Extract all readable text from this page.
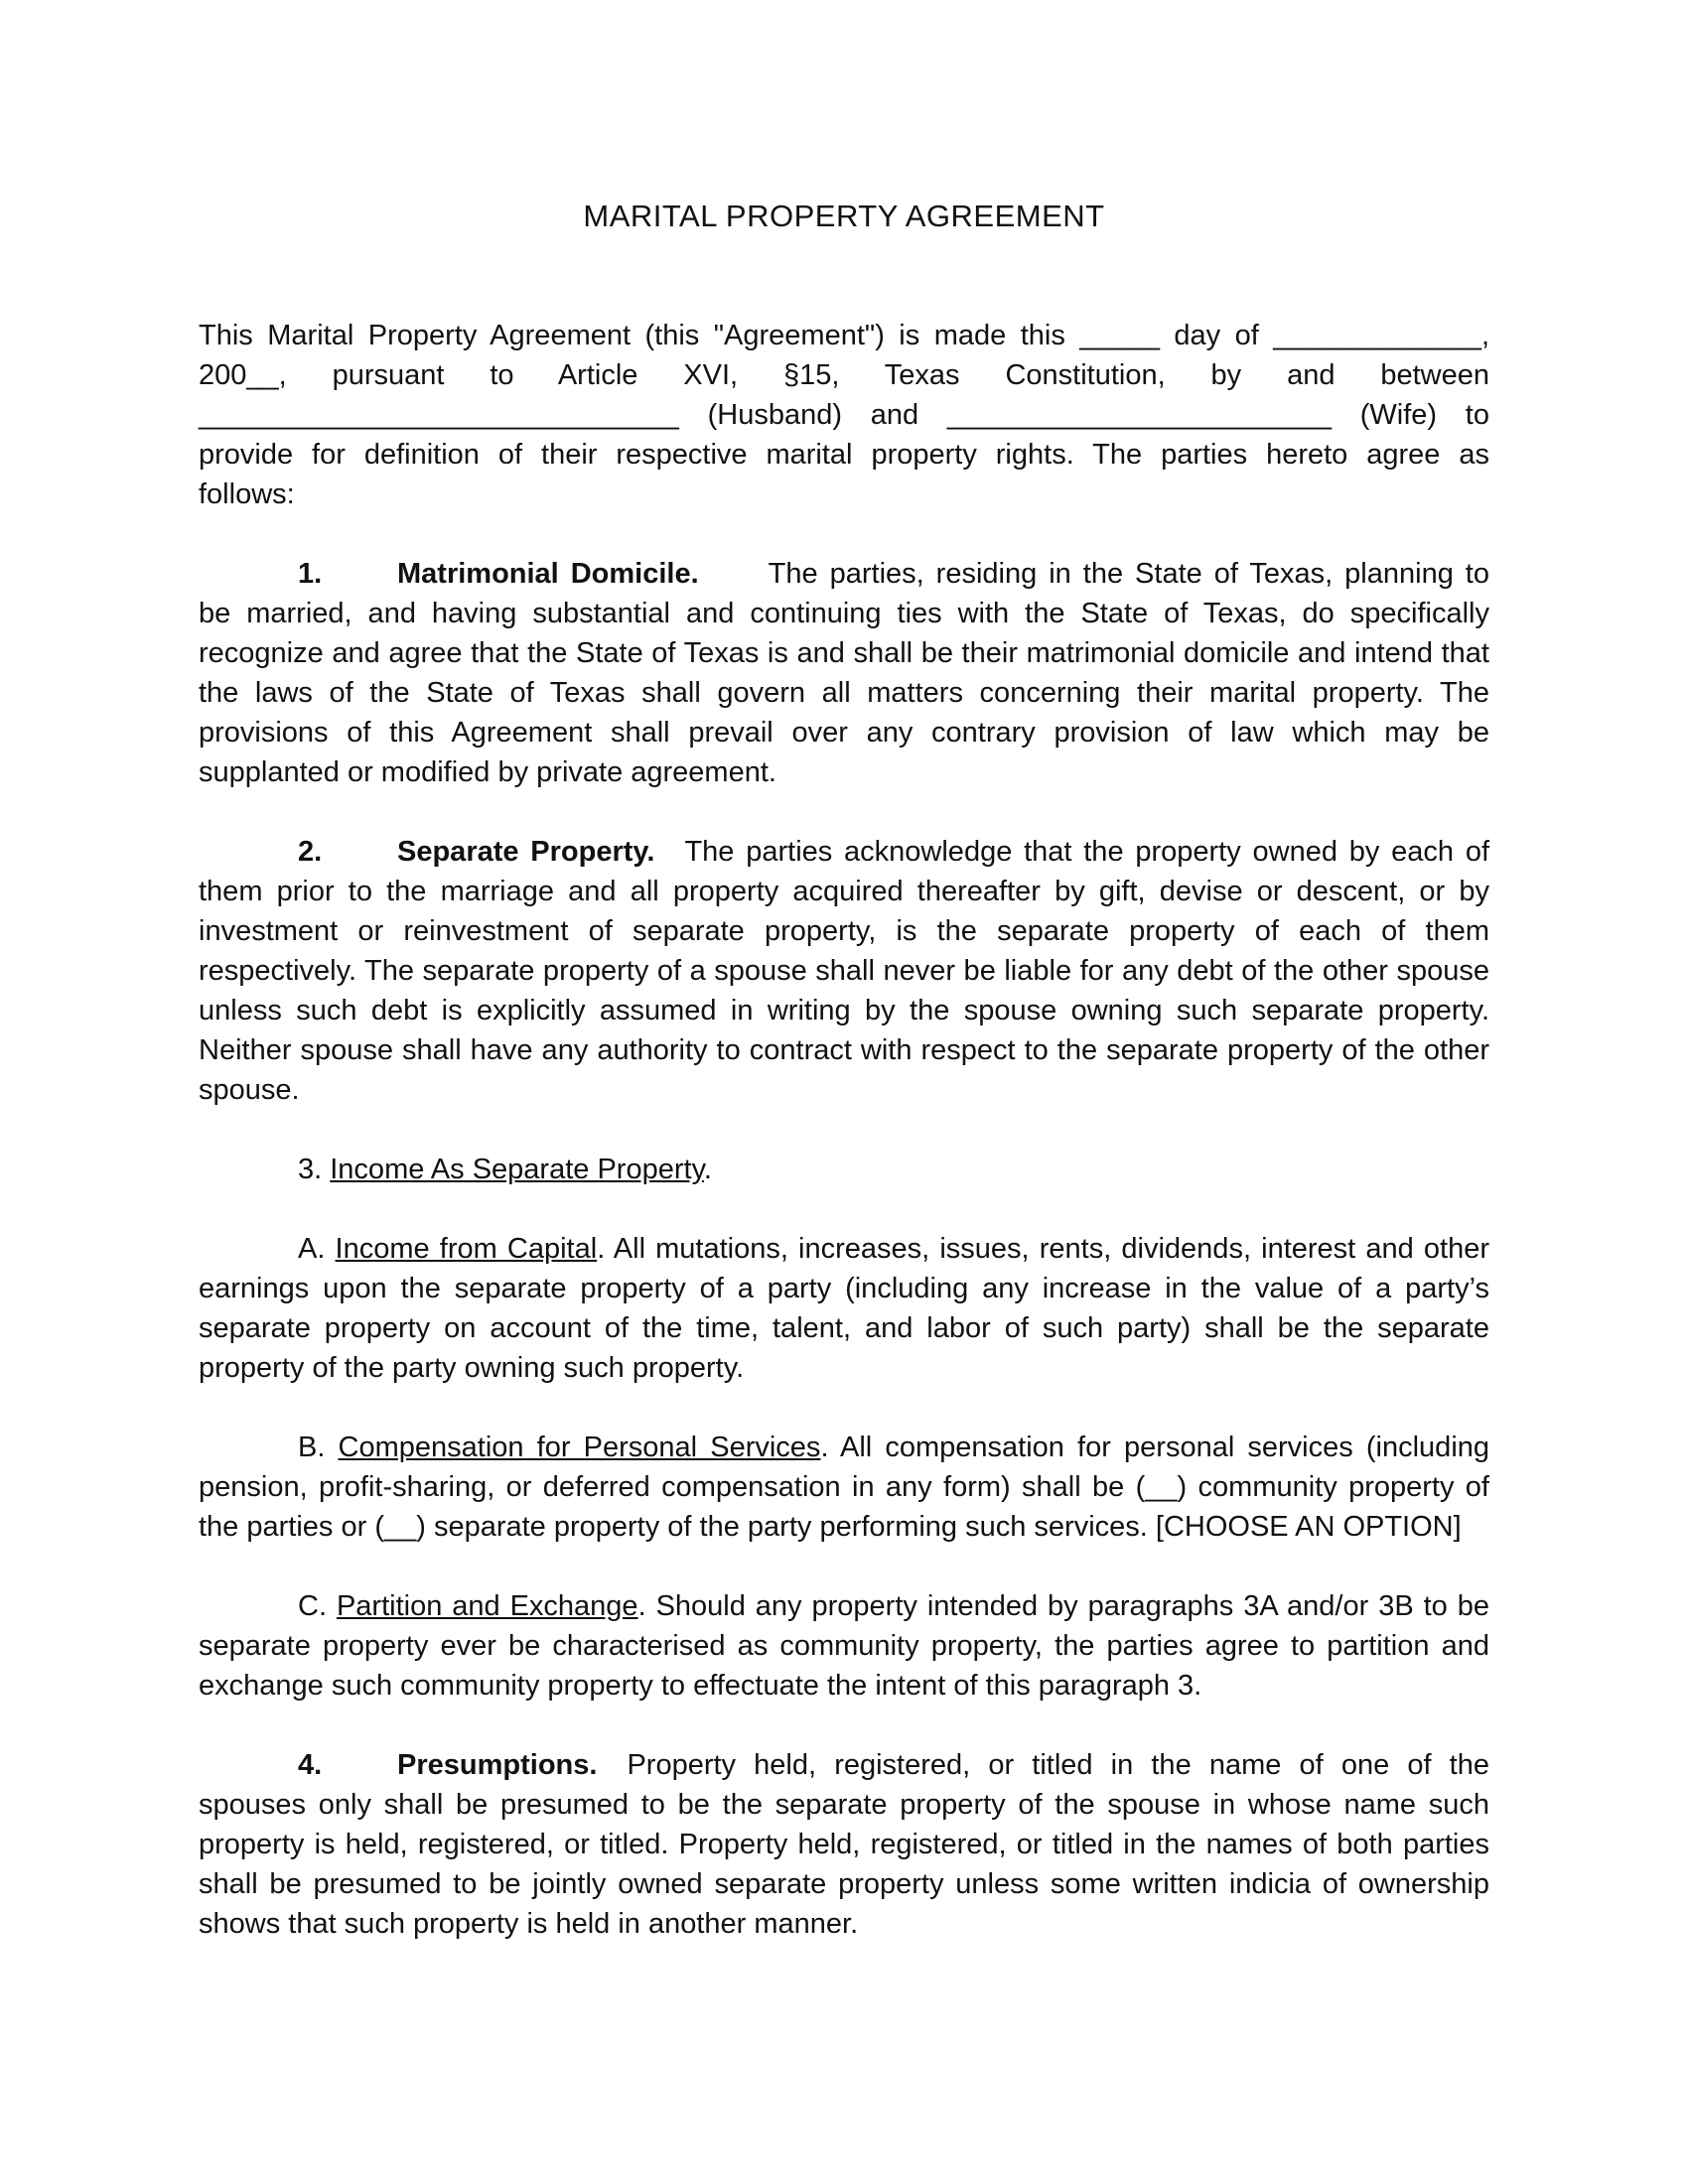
MARITAL PROPERTY AGREEMENT
This Marital Property Agreement (this "Agreement") is made this _____ day of _____________,
200__, pursuant to Article XVI, §15, Texas Constitution, by and between
______________________________ (Husband) and ________________________ (Wife) to
provide for definition of their respective marital property rights. The parties hereto agree as
follows:

1.	Matrimonial Domicile. The parties, residing in the State of Texas, planning to be married, and having substantial and continuing ties with the State of Texas, do specifically recognize and agree that the State of Texas is and shall be their matrimonial domicile and intend that the laws of the State of Texas shall govern all matters concerning their marital property. The provisions of this Agreement shall prevail over any contrary provision of law which may be supplanted or modified by private agreement.

2.	Separate Property. The parties acknowledge that the property owned by each of them prior to the marriage and all property acquired thereafter by gift, devise or descent, or by investment or reinvestment of separate property, is the separate property of each of them respectively. The separate property of a spouse shall never be liable for any debt of the other spouse unless such debt is explicitly assumed in writing by the spouse owning such separate property. Neither spouse shall have any authority to contract with respect to the separate property of the other spouse.

3. Income As Separate Property.

A. Income from Capital. All mutations, increases, issues, rents, dividends, interest and other earnings upon the separate property of a party (including any increase in the value of a party’s separate property on account of the time, talent, and labor of such party) shall be the separate property of the party owning such property.

B. Compensation for Personal Services. All compensation for personal services (including pension, profit-sharing, or deferred compensation in any form) shall be (__) community property of the parties or (__) separate property of the party performing such services. [CHOOSE AN OPTION]

C. Partition and Exchange. Should any property intended by paragraphs 3A and/or 3B to be separate property ever be characterised as community property, the parties agree to partition and exchange such community property to effectuate the intent of this paragraph 3.

4.	Presumptions. Property held, registered, or titled in the name of one of the spouses only shall be presumed to be the separate property of the spouse in whose name such property is held, registered, or titled. Property held, registered, or titled in the names of both parties shall be presumed to be jointly owned separate property unless some written indicia of ownership shows that such property is held in another manner.
